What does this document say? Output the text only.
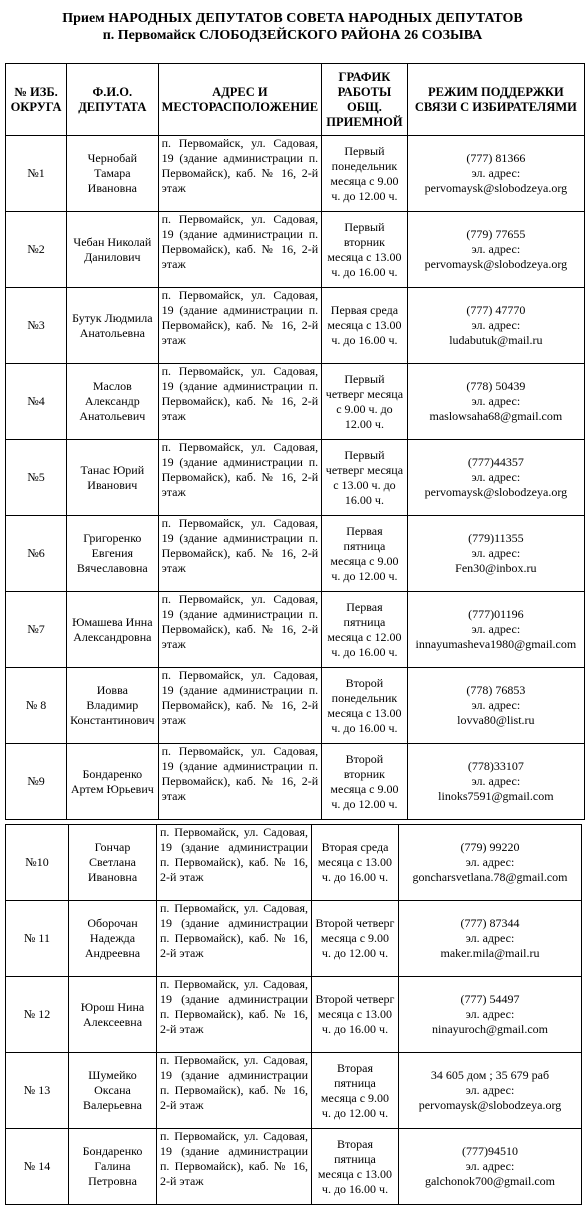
Прием НАРОДНЫХ ДЕПУТАТОВ СОВЕТА НАРОДНЫХ ДЕПУТАТОВ
п. Первомайск СЛОБОДЗЕЙСКОГО РАЙОНА 26 СОЗЫВА
№ ИЗБ. ОКРУГА	Ф.И.О. ДЕПУТАТА	АДРЕС И МЕСТОРАСПОЛОЖЕНИЕ	ГРАФИК РАБОТЫ ОБЩ. ПРИЕМНОЙ	РЕЖИМ ПОДДЕРЖКИ СВЯЗИ С ИЗБИРАТЕЛЯМИ
№1	Чернобай Тамара Ивановна	п. Первомайск, ул. Садовая, 19 (здание администрации п. Первомайск), каб. № 16, 2-й этаж	Первый понедельник месяца с 9.00 ч. до 12.00 ч.	(777) 81366
эл. адрес:
pervomaysk@slobodzeya.org

№2	Чебан Николай Данилович	п. Первомайск, ул. Садовая, 19 (здание администрации п. Первомайск), каб. № 16, 2-й этаж	Первый вторник месяца с 13.00 ч. до 16.00 ч.	(779) 77655
эл. адрес:
pervomaysk@slobodzeya.org

№3	Бутук Людмила Анатольевна	п. Первомайск, ул. Садовая, 19 (здание администрации п. Первомайск), каб. № 16, 2-й этаж	Первая среда месяца с 13.00 ч. до 16.00 ч.	(777) 47770
эл. адрес:
ludabutuk@mail.ru

№4	Маслов Александр Анатольевич	п. Первомайск, ул. Садовая, 19 (здание администрации п. Первомайск), каб. № 16, 2-й этаж	Первый четверг месяца с 9.00 ч. до 12.00 ч.	(778) 50439
эл. адрес:
maslowsaha68@gmail.com

№5	Танас Юрий Иванович	п. Первомайск, ул. Садовая, 19 (здание администрации п. Первомайск), каб. № 16, 2-й этаж	Первый четверг месяца с 13.00 ч. до 16.00 ч.	(777)44357
эл. адрес:
pervomaysk@slobodzeya.org

№6	Григоренко Евгения Вячеславовна	п. Первомайск, ул. Садовая, 19 (здание администрации п. Первомайск), каб. № 16, 2-й этаж	Первая пятница месяца с 9.00 ч. до 12.00 ч.	(779)11355
эл. адрес:
Fen30@inbox.ru

№7	Юмашева Инна Александровна	п. Первомайск, ул. Садовая, 19 (здание администрации п. Первомайск), каб. № 16, 2-й этаж	Первая пятница месяца с 12.00 ч. до 16.00 ч.	(777)01196
эл. адрес:
innayumasheva1980@gmail.com

№ 8	Иовва Владимир Константинович	п. Первомайск, ул. Садовая, 19 (здание администрации п. Первомайск), каб. № 16, 2-й этаж	Второй понедельник месяца с 13.00 ч. до 16.00 ч.	(778) 76853
эл. адрес:
lovva80@list.ru

№9	Бондаренко Артем Юрьевич	п. Первомайск, ул. Садовая, 19 (здание администрации п. Первомайск), каб. № 16, 2-й этаж	Второй вторник месяца с 9.00 ч. до 12.00 ч.	(778)33107
эл. адрес:
linoks7591@gmail.com
№10	Гончар Светлана Ивановна	п. Первомайск, ул. Садовая, 19 (здание администрации п. Первомайск), каб. № 16, 2-й этаж	Вторая среда месяца с 13.00 ч. до 16.00 ч.	(779) 99220
эл. адрес:
goncharsvetlana.78@gmail.com

№ 11	Оборочан Надежда Андреевна	п. Первомайск, ул. Садовая, 19 (здание администрации п. Первомайск), каб. № 16, 2-й этаж	Второй четверг месяца с 9.00 ч. до 12.00 ч.	(777) 87344
эл. адрес:
maker.mila@mail.ru

№ 12	Юрош Нина Алексеевна	п. Первомайск, ул. Садовая, 19 (здание администрации п. Первомайск), каб. № 16, 2-й этаж	Второй четверг месяца с 13.00 ч. до 16.00 ч.	(777) 54497
эл. адрес:
ninayuroch@gmail.com

№ 13	Шумейко Оксана Валерьевна	п. Первомайск, ул. Садовая, 19 (здание администрации п. Первомайск), каб. № 16, 2-й этаж	Вторая пятница месяца с 9.00 ч. до 12.00 ч.	34 605 дом ; 35 679 раб
эл. адрес:
pervomaysk@slobodzeya.org

№ 14	Бондаренко Галина Петровна	п. Первомайск, ул. Садовая, 19 (здание администрации п. Первомайск), каб. № 16, 2-й этаж	Вторая пятница месяца с 13.00 ч. до 16.00 ч.	(777)94510
эл. адрес:
galchonok700@gmail.com
